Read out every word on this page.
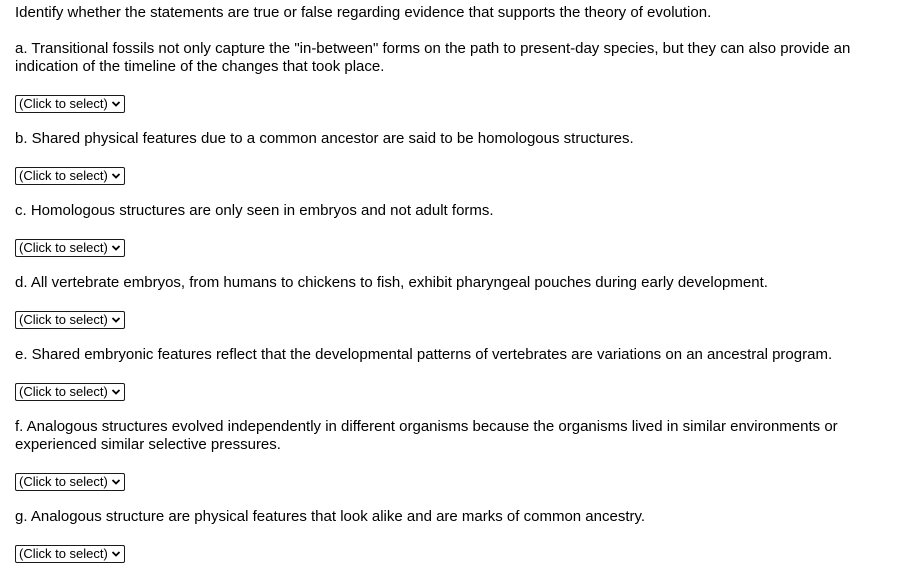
Identify whether the statements are true or false regarding evidence that supports the theory of evolution.

a. Transitional fossils not only capture the "in-between" forms on the path to present-day species, but they can also provide an indication of the timeline of the changes that took place.

(Click to select)

b. Shared physical features due to a common ancestor are said to be homologous structures.

(Click to select)

c. Homologous structures are only seen in embryos and not adult forms.

(Click to select)

d. All vertebrate embryos, from humans to chickens to fish, exhibit pharyngeal pouches during early development.

(Click to select)

e. Shared embryonic features reflect that the developmental patterns of vertebrates are variations on an ancestral program.

(Click to select)

f. Analogous structures evolved independently in different organisms because the organisms lived in similar environments or experienced similar selective pressures.

(Click to select)

g. Analogous structure are physical features that look alike and are marks of common ancestry.

(Click to select)
